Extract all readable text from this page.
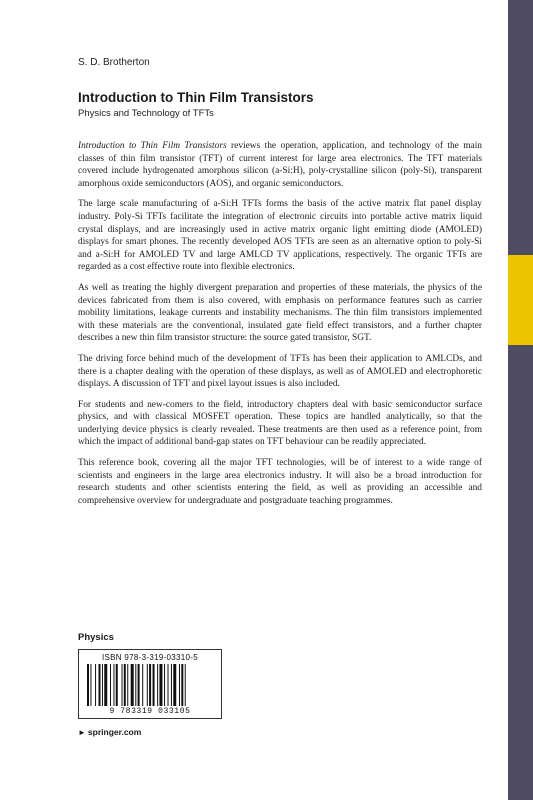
S. D. Brotherton
Introduction to Thin Film Transistors
Physics and Technology of TFTs

Introduction to Thin Film Transistors reviews the operation, application, and technology of the main classes of thin film transistor (TFT) of current interest for large area electronics. The TFT materials covered include hydrogenated amorphous silicon (a-Si:H), poly-crystalline silicon (poly-Si), transparent amorphous oxide semiconductors (AOS), and organic semiconductors.

The large scale manufacturing of a-Si:H TFTs forms the basis of the active matrix flat panel display industry. Poly-Si TFTs facilitate the integration of electronic circuits into portable active matrix liquid crystal displays, and are increasingly used in active matrix organic light emitting diode (AMOLED) displays for smart phones. The recently developed AOS TFTs are seen as an alternative option to poly-Si and a-Si:H for AMOLED TV and large AMLCD TV applications, respectively. The organic TFTs are regarded as a cost effective route into flexible electronics.

As well as treating the highly divergent preparation and properties of these materials, the physics of the devices fabricated from them is also covered, with emphasis on performance features such as carrier mobility limitations, leakage currents and instability mechanisms. The thin film transistors implemented with these materials are the conventional, insulated gate field effect transistors, and a further chapter describes a new thin film transistor structure: the source gated transistor, SGT.

The driving force behind much of the development of TFTs has been their application to AMLCDs, and there is a chapter dealing with the operation of these displays, as well as of AMOLED and electrophoretic displays. A discussion of TFT and pixel layout issues is also included.

For students and new-comers to the field, introductory chapters deal with basic semiconductor surface physics, and with classical MOSFET operation. These topics are handled analytically, so that the underlying device physics is clearly revealed. These treatments are then used as a reference point, from which the impact of additional band-gap states on TFT behaviour can be readily appreciated.

This reference book, covering all the major TFT technologies, will be of interest to a wide range of scientists and engineers in the large area electronics industry. It will also be a broad introduction for research students and other scientists entering the field, as well as providing an accessible and comprehensive overview for undergraduate and postgraduate teaching programmes.

Physics
ISBN 978-3-319-03310-5
9 783319 033105
► springer.com
